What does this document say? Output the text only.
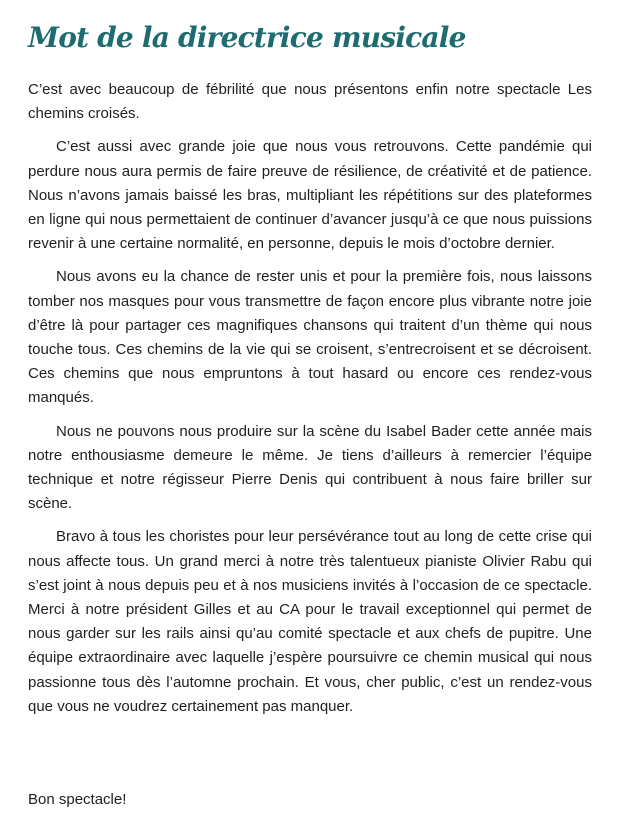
Mot de la directrice musicale

C’est avec beaucoup de fébrilité que nous présentons enfin notre spectacle Les chemins croisés.

C’est aussi avec grande joie que nous vous retrouvons. Cette pandémie qui perdure nous aura permis de faire preuve de résilience, de créativité et de patience. Nous n’avons jamais baissé les bras, multipliant les répétitions sur des plateformes en ligne qui nous permettaient de continuer d’avancer jusqu’à ce que nous puissions revenir à une certaine normalité, en personne, depuis le mois d’octobre dernier.

Nous avons eu la chance de rester unis et pour la première fois, nous laissons tomber nos masques pour vous transmettre de façon encore plus vibrante notre joie d’être là pour partager ces magnifiques chansons qui traitent d’un thème qui nous touche tous. Ces chemins de la vie qui se croisent, s’entrecroisent et se décroisent. Ces chemins que nous empruntons à tout hasard ou encore ces rendez-vous manqués.

Nous ne pouvons nous produire sur la scène du Isabel Bader cette année mais notre enthousiasme demeure le même. Je tiens d’ailleurs à remercier l’équipe technique et notre régisseur Pierre Denis qui contribuent à nous faire briller sur scène.

Bravo à tous les choristes pour leur persévérance tout au long de cette crise qui nous affecte tous. Un grand merci à notre très talentueux pianiste Olivier Rabu qui s’est joint à nous depuis peu et à nos musiciens invités à l’occasion de ce spectacle. Merci à notre président Gilles et au CA pour le travail exceptionnel qui permet de nous garder sur les rails ainsi qu’au comité spectacle et aux chefs de pupitre. Une équipe extraordinaire avec laquelle j’espère poursuivre ce chemin musical qui nous passionne tous dès l’automne prochain. Et vous, cher public, c’est un rendez-vous que vous ne voudrez certainement pas manquer.

Bon spectacle!
